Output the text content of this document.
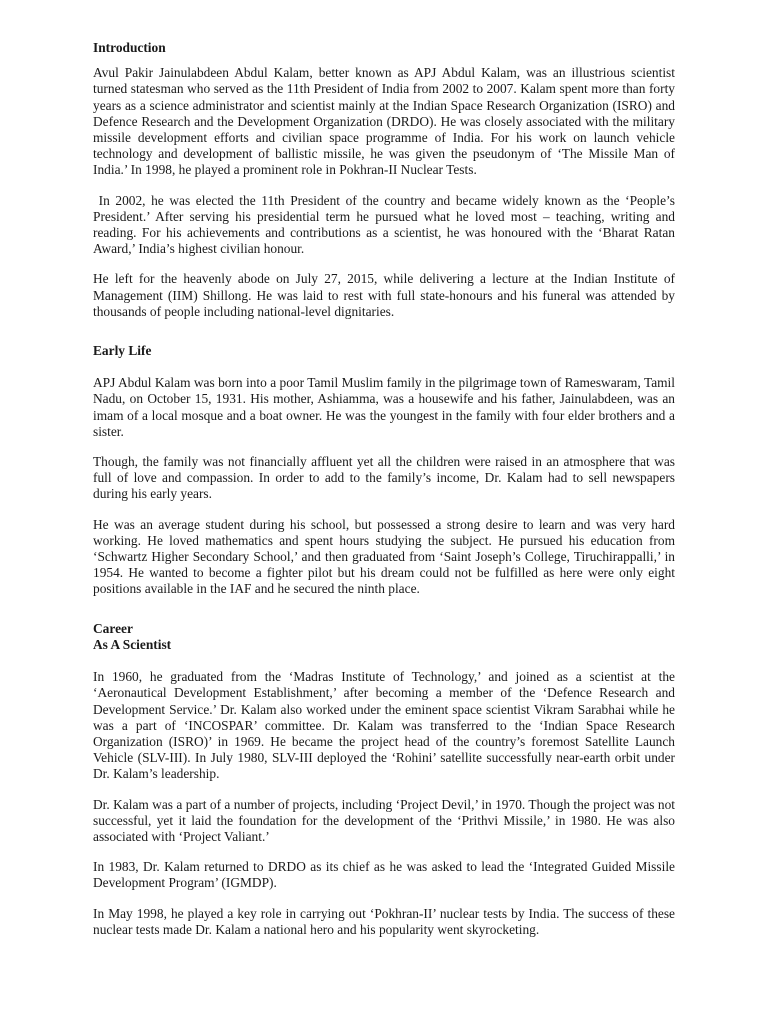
Introduction

Avul Pakir Jainulabdeen Abdul Kalam, better known as APJ Abdul Kalam, was an illustrious scientist turned statesman who served as the 11th President of India from 2002 to 2007. Kalam spent more than forty years as a science administrator and scientist mainly at the Indian Space Research Organization (ISRO) and Defence Research and the Development Organization (DRDO). He was closely associated with the military missile development efforts and civilian space programme of India. For his work on launch vehicle technology and development of ballistic missile, he was given the pseudonym of ‘The Missile Man of India.’ In 1998, he played a prominent role in Pokhran-II Nuclear Tests.

In 2002, he was elected the 11th President of the country and became widely known as the ‘People’s President.’ After serving his presidential term he pursued what he loved most – teaching, writing and reading. For his achievements and contributions as a scientist, he was honoured with the ‘Bharat Ratan Award,’ India’s highest civilian honour.

He left for the heavenly abode on July 27, 2015, while delivering a lecture at the Indian Institute of Management (IIM) Shillong. He was laid to rest with full state-honours and his funeral was attended by thousands of people including national-level dignitaries.

Early Life

APJ Abdul Kalam was born into a poor Tamil Muslim family in the pilgrimage town of Rameswaram, Tamil Nadu, on October 15, 1931. His mother, Ashiamma, was a housewife and his father, Jainulabdeen, was an imam of a local mosque and a boat owner. He was the youngest in the family with four elder brothers and a sister.

Though, the family was not financially affluent yet all the children were raised in an atmosphere that was full of love and compassion. In order to add to the family’s income, Dr. Kalam had to sell newspapers during his early years.

He was an average student during his school, but possessed a strong desire to learn and was very hard working. He loved mathematics and spent hours studying the subject. He pursued his education from ‘Schwartz Higher Secondary School,’ and then graduated from ‘Saint Joseph’s College, Tiruchirappalli,’ in 1954. He wanted to become a fighter pilot but his dream could not be fulfilled as here were only eight positions available in the IAF and he secured the ninth place.

Career

As A Scientist

In 1960, he graduated from the ‘Madras Institute of Technology,’ and joined as a scientist at the ‘Aeronautical Development Establishment,’ after becoming a member of the ‘Defence Research and Development Service.’ Dr. Kalam also worked under the eminent space scientist Vikram Sarabhai while he was a part of ‘INCOSPAR’ committee. Dr. Kalam was transferred to the ‘Indian Space Research Organization (ISRO)’ in 1969. He became the project head of the country’s foremost Satellite Launch Vehicle (SLV-III). In July 1980, SLV-III deployed the ‘Rohini’ satellite successfully near-earth orbit under Dr. Kalam’s leadership.

Dr. Kalam was a part of a number of projects, including ‘Project Devil,’ in 1970. Though the project was not successful, yet it laid the foundation for the development of the ‘Prithvi Missile,’ in 1980. He was also associated with ‘Project Valiant.’

In 1983, Dr. Kalam returned to DRDO as its chief as he was asked to lead the ‘Integrated Guided Missile Development Program’ (IGMDP).

In May 1998, he played a key role in carrying out ‘Pokhran-II’ nuclear tests by India. The success of these nuclear tests made Dr. Kalam a national hero and his popularity went skyrocketing.
